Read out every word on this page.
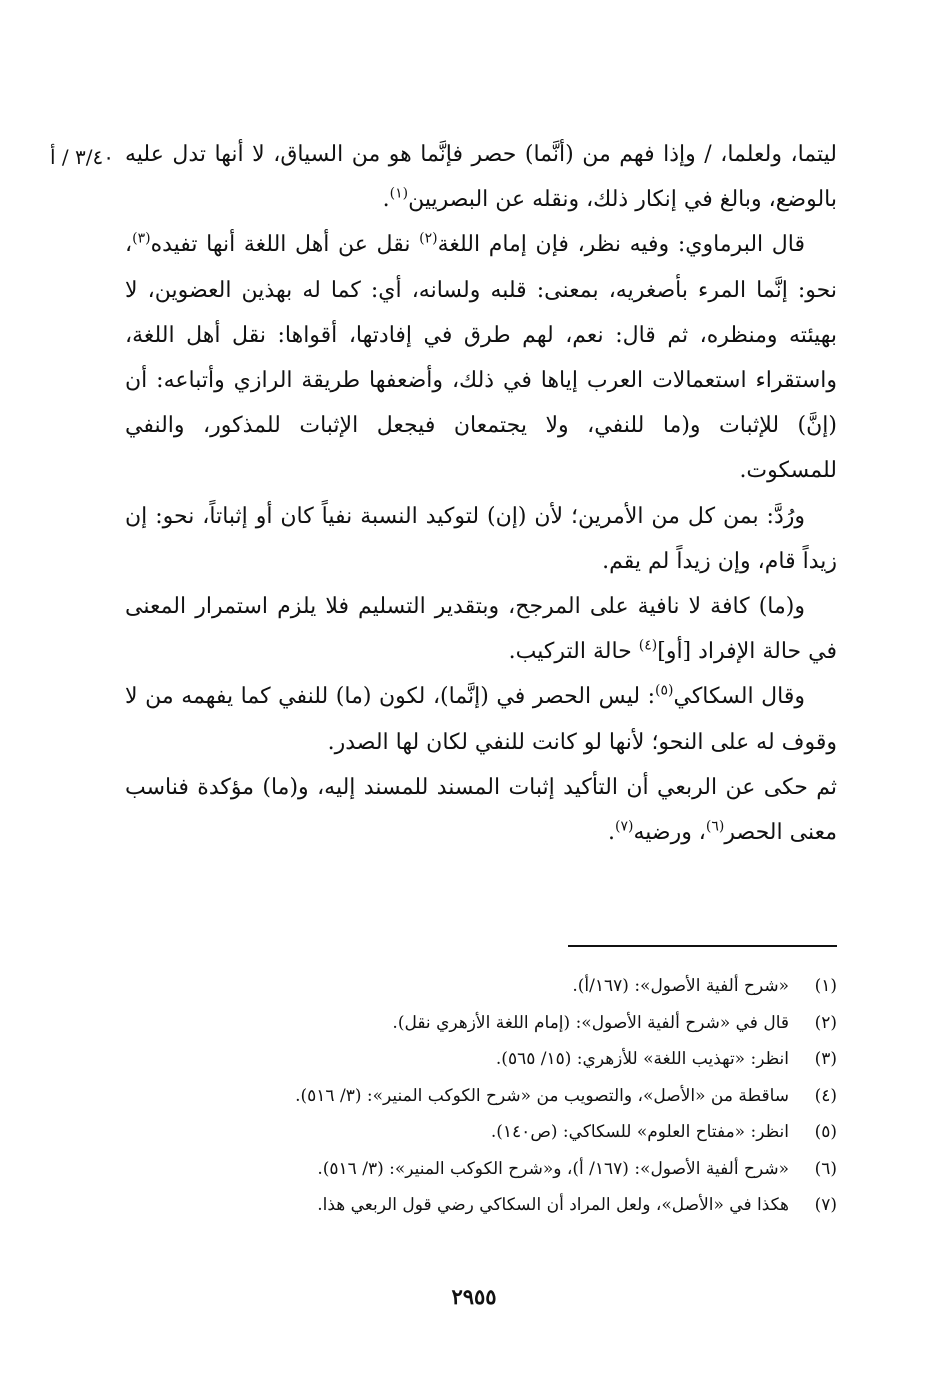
٣/٤٠ / أ ليتما، ولعلما، / وإذا فهم من (أنَّما) حصر فإنَّما هو من السياق، لا أنها تدل عليه بالوضع، وبالغ في إنكار ذلك، ونقله عن البصريين$^{(١)}$.

قال البرماوي: وفيه نظر، فإن إمام اللغة$^{(٢)}$ نقل عن أهل اللغة أنها تفيده$^{(٣)}$، نحو: إنَّما المرء بأصغريه، بمعنى: قلبه ولسانه، أي: كما له بهذين العضوين، لا بهيئته ومنظره، ثم قال: نعم، لهم طرق في إفادتها، أقواها: نقل أهل اللغة، واستقراء استعمالات العرب إياها في ذلك، وأضعفها طريقة الرازي وأتباعه: أن (إنَّ) للإثبات و(ما للنفي، ولا يجتمعان فيجعل الإثبات للمذكور، والنفي للمسكوت.

ورُدَّ: بمن كل من الأمرين؛ لأن (إن) لتوكيد النسبة نفياً كان أو إثباتاً، نحو: إن زيداً قام، وإن زيداً لم يقم.

و(ما) كافة لا نافية على المرجح، وبتقدير التسليم فلا يلزم استمرار المعنى في حالة الإفراد [أو]$^{(٤)}$ حالة التركيب.

وقال السكاكي$^{(٥)}$: ليس الحصر في (إنَّما)، لكون (ما) للنفي كما يفهمه من لا وقوف له على النحو؛ لأنها لو كانت للنفي لكان لها الصدر.

ثم حكى عن الربعي أن التأكيد إثبات المسند للمسند إليه، و(ما) مؤكدة فناسب معنى الحصر$^{(٦)}$، ورضيه$^{(٧)}$.

(١)
«شرح ألفية الأصول»: (١٦٧/أ).
(٢)
قال في «شرح ألفية الأصول»: (إمام اللغة الأزهري نقل).
(٣)
انظر: «تهذيب اللغة» للأزهري: (١٥/ ٥٦٥).
(٤)
ساقطة من «الأصل»، والتصويب من «شرح الكوكب المنير»: (٣/ ٥١٦).
(٥)
انظر: «مفتاح العلوم» للسكاكي: (ص١٤٠).
(٦)
«شرح ألفية الأصول»: (١٦٧/ أ)، و«شرح الكوكب المنير»: (٣/ ٥١٦).
(٧)
هكذا في «الأصل»، ولعل المراد أن السكاكي رضي قول الربعي هذا.
٢٩٥٥
